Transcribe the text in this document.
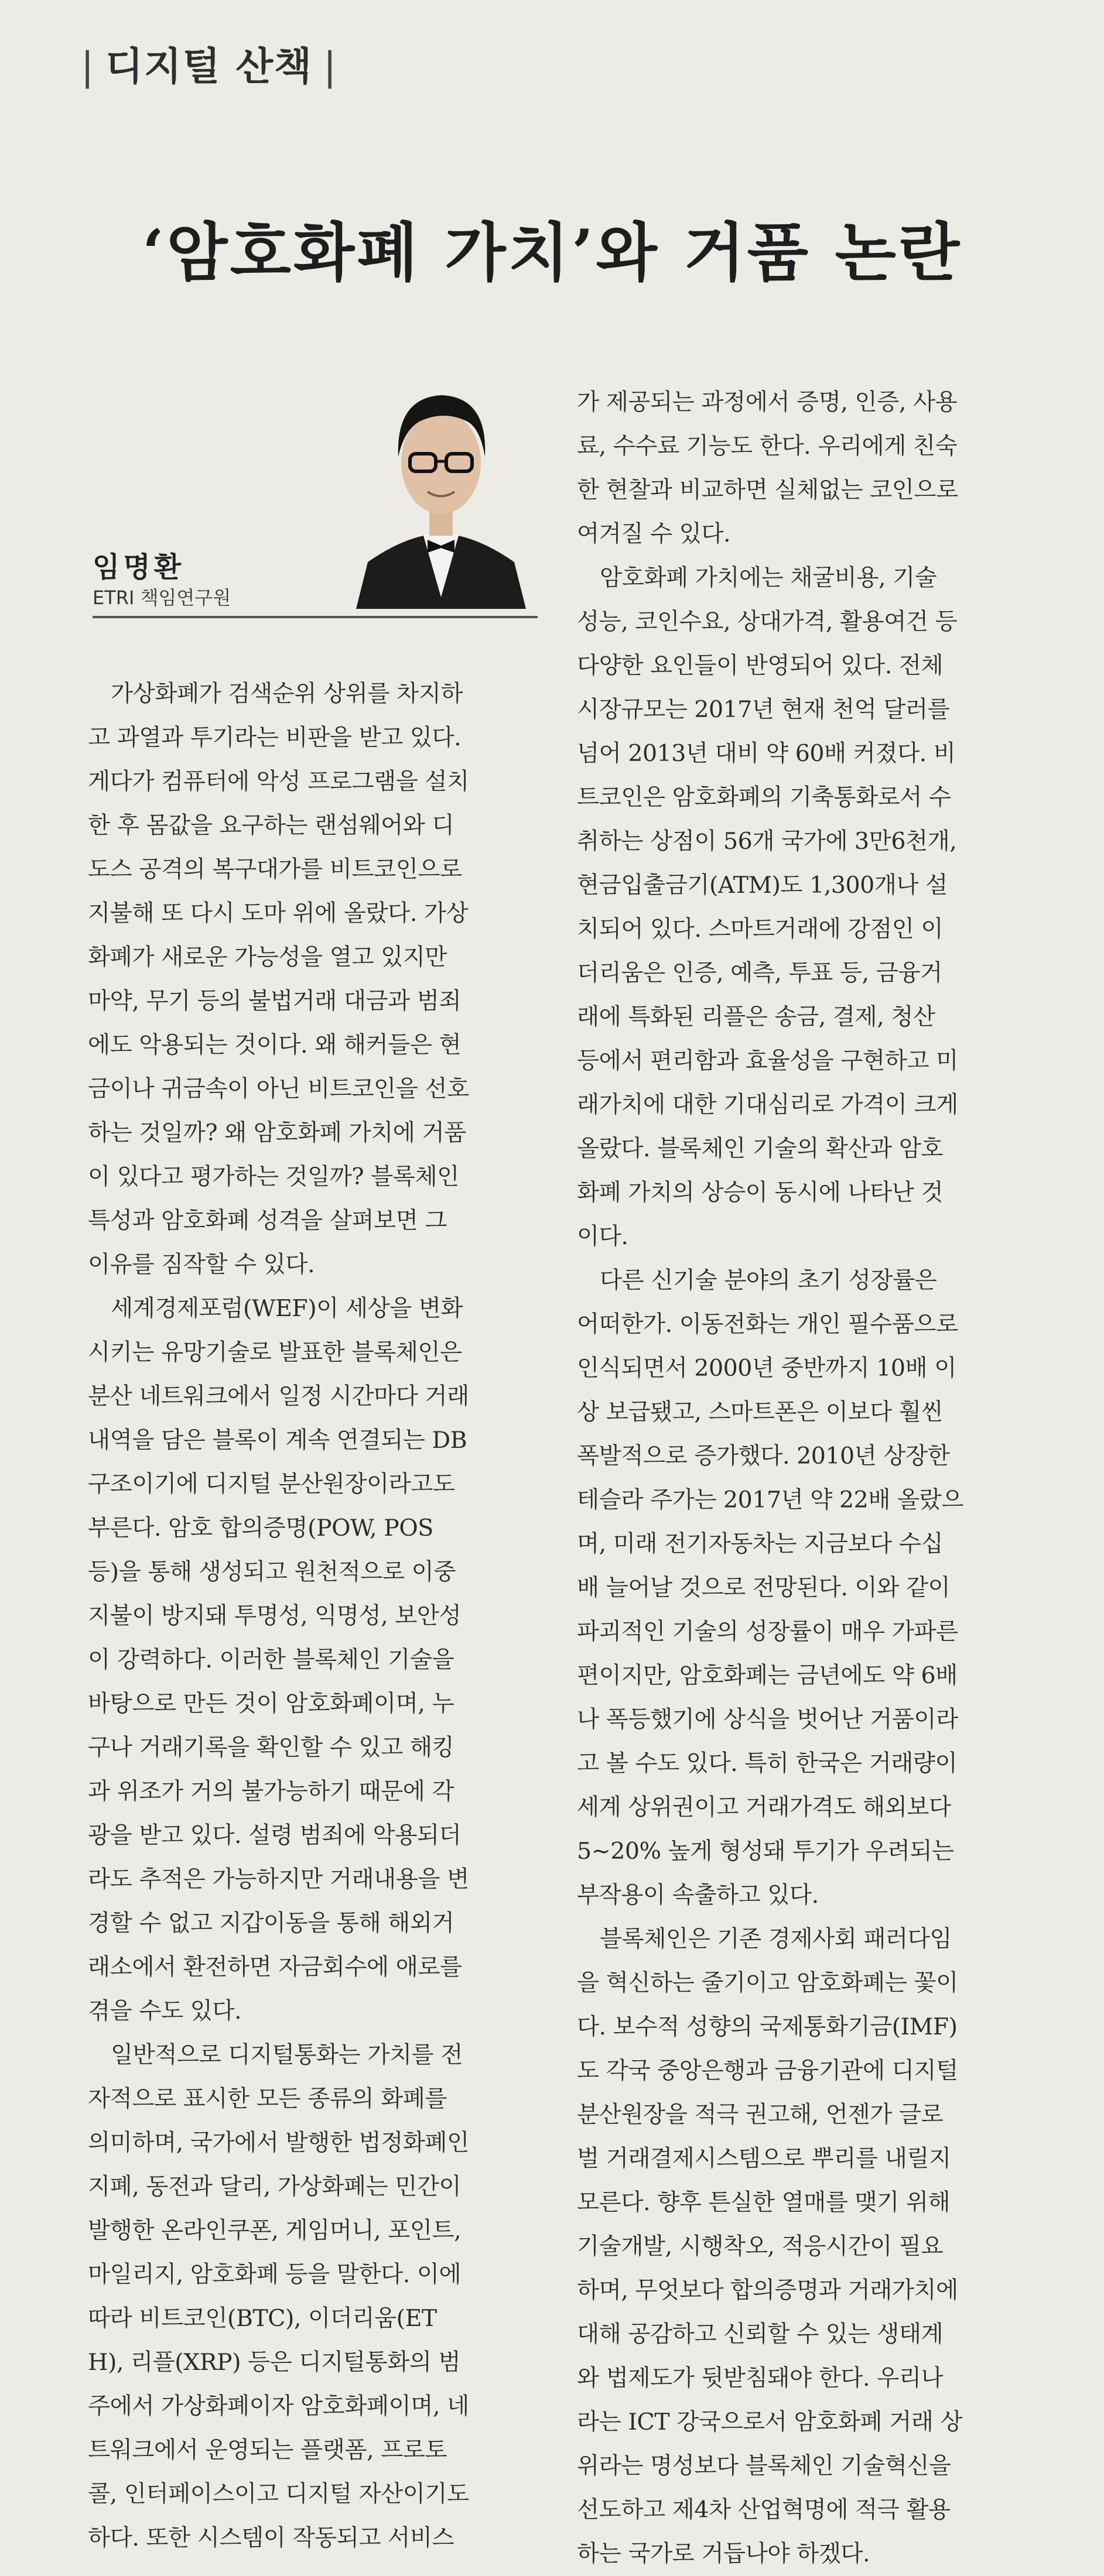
| 디지털 산책 |
‘암호화폐 가치’와 거품 논란
임명환
ETRI 책임연구원

　가상화폐가 검색순위 상위를 차지하
고 과열과 투기라는 비판을 받고 있다.
게다가 컴퓨터에 악성 프로그램을 설치
한 후 몸값을 요구하는 랜섬웨어와 디
도스 공격의 복구대가를 비트코인으로
지불해 또 다시 도마 위에 올랐다. 가상
화폐가 새로운 가능성을 열고 있지만
마약, 무기 등의 불법거래 대금과 범죄
에도 악용되는 것이다. 왜 해커들은 현
금이나 귀금속이 아닌 비트코인을 선호
하는 것일까? 왜 암호화폐 가치에 거품
이 있다고 평가하는 것일까? 블록체인
특성과 암호화폐 성격을 살펴보면 그
이유를 짐작할 수 있다.

　세계경제포럼(WEF)이 세상을 변화
시키는 유망기술로 발표한 블록체인은
분산 네트워크에서 일정 시간마다 거래
내역을 담은 블록이 계속 연결되는 DB
구조이기에 디지털 분산원장이라고도
부른다. 암호 합의증명(POW, POS
등)을 통해 생성되고 원천적으로 이중
지불이 방지돼 투명성, 익명성, 보안성
이 강력하다. 이러한 블록체인 기술을
바탕으로 만든 것이 암호화폐이며, 누
구나 거래기록을 확인할 수 있고 해킹
과 위조가 거의 불가능하기 때문에 각
광을 받고 있다. 설령 범죄에 악용되더
라도 추적은 가능하지만 거래내용을 변
경할 수 없고 지갑이동을 통해 해외거
래소에서 환전하면 자금회수에 애로를
겪을 수도 있다.

　일반적으로 디지털통화는 가치를 전
자적으로 표시한 모든 종류의 화폐를
의미하며, 국가에서 발행한 법정화폐인
지폐, 동전과 달리, 가상화폐는 민간이
발행한 온라인쿠폰, 게임머니, 포인트,
마일리지, 암호화폐 등을 말한다. 이에
따라 비트코인(BTC), 이더리움(ET
H), 리플(XRP) 등은 디지털통화의 범
주에서 가상화폐이자 암호화폐이며, 네
트워크에서 운영되는 플랫폼, 프로토
콜, 인터페이스이고 디지털 자산이기도
하다. 또한 시스템이 작동되고 서비스

가 제공되는 과정에서 증명, 인증, 사용
료, 수수료 기능도 한다. 우리에게 친숙
한 현찰과 비교하면 실체없는 코인으로
여겨질 수 있다.

　암호화폐 가치에는 채굴비용, 기술
성능, 코인수요, 상대가격, 활용여건 등
다양한 요인들이 반영되어 있다. 전체
시장규모는 2017년 현재 천억 달러를
넘어 2013년 대비 약 60배 커졌다. 비
트코인은 암호화폐의 기축통화로서 수
취하는 상점이 56개 국가에 3만6천개,
현금입출금기(ATM)도 1,300개나 설
치되어 있다. 스마트거래에 강점인 이
더리움은 인증, 예측, 투표 등, 금융거
래에 특화된 리플은 송금, 결제, 청산
등에서 편리함과 효율성을 구현하고 미
래가치에 대한 기대심리로 가격이 크게
올랐다. 블록체인 기술의 확산과 암호
화폐 가치의 상승이 동시에 나타난 것
이다.

　다른 신기술 분야의 초기 성장률은
어떠한가. 이동전화는 개인 필수품으로
인식되면서 2000년 중반까지 10배 이
상 보급됐고, 스마트폰은 이보다 훨씬
폭발적으로 증가했다. 2010년 상장한
테슬라 주가는 2017년 약 22배 올랐으
며, 미래 전기자동차는 지금보다 수십
배 늘어날 것으로 전망된다. 이와 같이
파괴적인 기술의 성장률이 매우 가파른
편이지만, 암호화폐는 금년에도 약 6배
나 폭등했기에 상식을 벗어난 거품이라
고 볼 수도 있다. 특히 한국은 거래량이
세계 상위권이고 거래가격도 해외보다
5~20% 높게 형성돼 투기가 우려되는
부작용이 속출하고 있다.

　블록체인은 기존 경제사회 패러다임
을 혁신하는 줄기이고 암호화폐는 꽃이
다. 보수적 성향의 국제통화기금(IMF)
도 각국 중앙은행과 금융기관에 디지털
분산원장을 적극 권고해, 언젠가 글로
벌 거래결제시스템으로 뿌리를 내릴지
모른다. 향후 튼실한 열매를 맺기 위해
기술개발, 시행착오, 적응시간이 필요
하며, 무엇보다 합의증명과 거래가치에
대해 공감하고 신뢰할 수 있는 생태계
와 법제도가 뒷받침돼야 한다. 우리나
라는 ICT 강국으로서 암호화폐 거래 상
위라는 명성보다 블록체인 기술혁신을
선도하고 제4차 산업혁명에 적극 활용
하는 국가로 거듭나야 하겠다.
